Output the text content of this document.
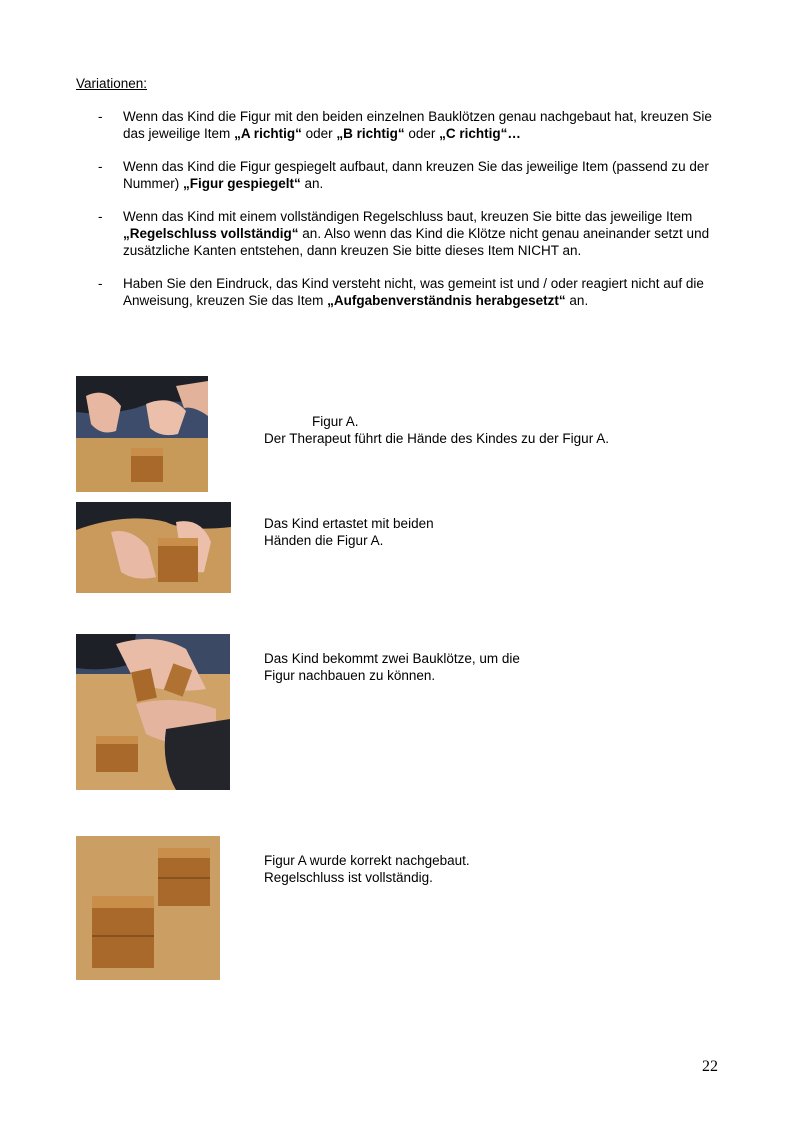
Variationen:
- Wenn das Kind die Figur mit den beiden einzelnen Bauklötzen genau nachgebaut hat, kreuzen Sie das jeweilige Item „A richtig“ oder „B richtig“ oder „C richtig“…
- Wenn das Kind die Figur gespiegelt aufbaut, dann kreuzen Sie das jeweilige Item (passend zu der Nummer) „Figur gespiegelt“ an.
- Wenn das Kind mit einem vollständigen Regelschluss baut, kreuzen Sie bitte das jeweilige Item „Regelschluss vollständig“ an. Also wenn das Kind die Klötze nicht genau aneinander setzt und zusätzliche Kanten entstehen, dann kreuzen Sie bitte dieses Item NICHT an.
- Haben Sie den Eindruck, das Kind versteht nicht, was gemeint ist und / oder reagiert nicht auf die Anweisung, kreuzen Sie das Item „Aufgabenverständnis herabgesetzt“ an.
Figur A.
Der Therapeut führt die Hände des Kindes zu der Figur A.
Das Kind ertastet mit beiden
Händen die Figur A.
Das Kind bekommt zwei Bauklötze, um die
Figur nachbauen zu können.
Figur A wurde korrekt nachgebaut.
Regelschluss ist vollständig.
22
